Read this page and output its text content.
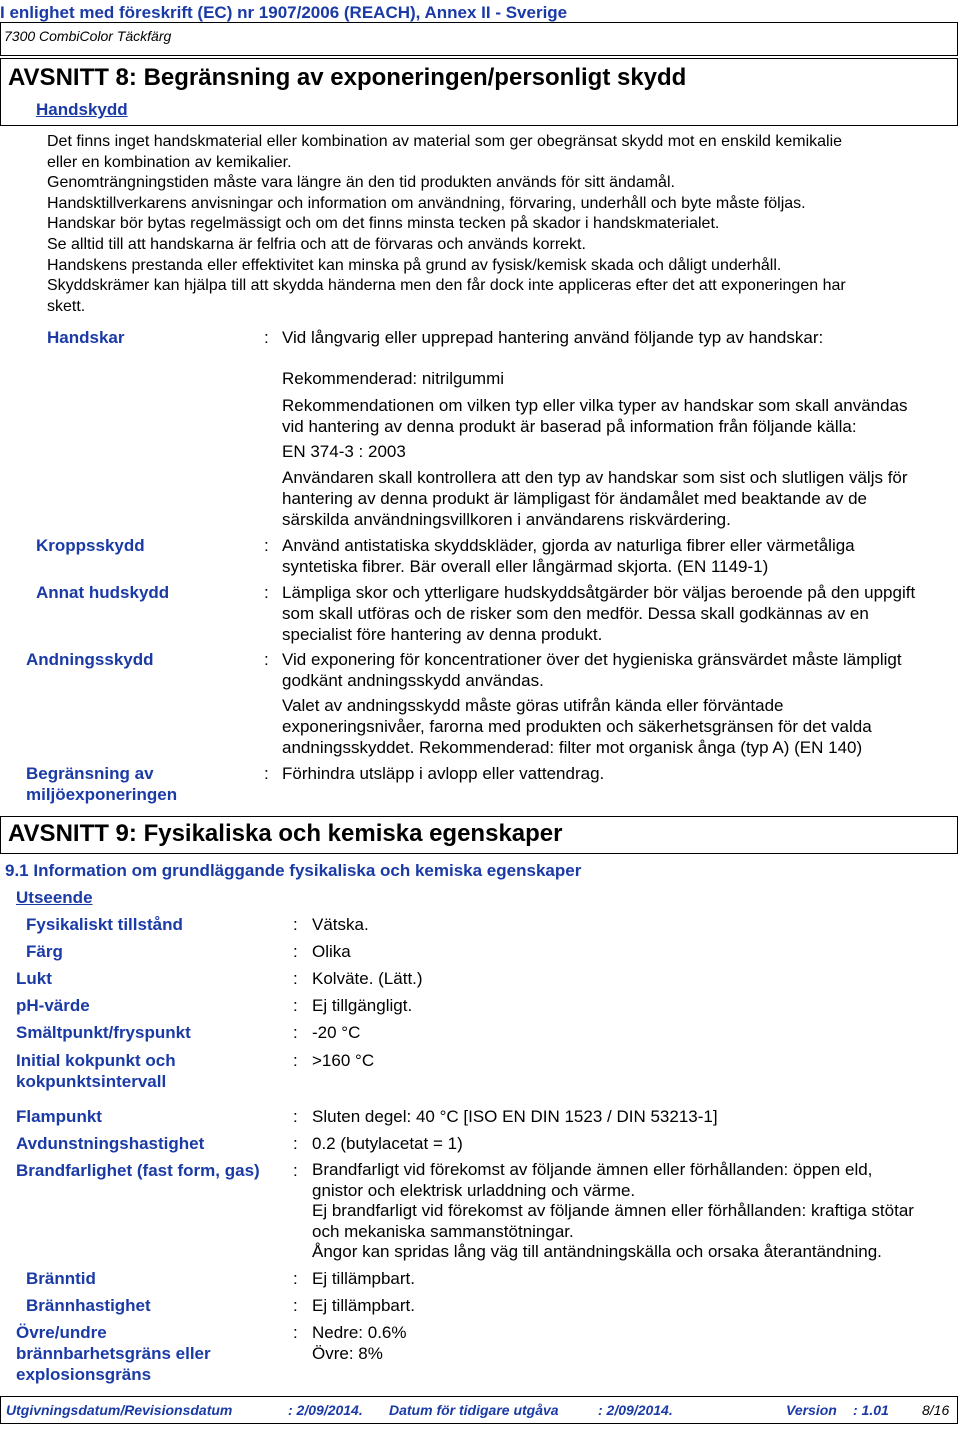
I enlighet med föreskrift (EC) nr 1907/2006 (REACH), Annex II - Sverige
7300 CombiColor Täckfärg
AVSNITT 8: Begränsning av exponeringen/personligt skydd
Handskydd
Det finns inget handskmaterial eller kombination av material som ger obegränsat skydd mot en enskild kemikalie
eller en kombination av kemikalier.
Genomträngningstiden måste vara längre än den tid produkten används för sitt ändamål.
Handsktillverkarens anvisningar och information om användning, förvaring, underhåll och byte måste följas.
Handskar bör bytas regelmässigt och om det finns minsta tecken på skador i handskmaterialet.
Se alltid till att handskarna är felfria och att de förvaras och används korrekt.
Handskens prestanda eller effektivitet kan minska på grund av fysisk/kemisk skada och dåligt underhåll.
Skyddskrämer kan hjälpa till att skydda händerna men den får dock inte appliceras efter det att exponeringen har
skett.
Handskar	: Vid långvarig eller upprepad hantering använd följande typ av handskar:
Rekommenderad: nitrilgummi
Rekommendationen om vilken typ eller vilka typer av handskar som skall användas
vid hantering av denna produkt är baserad på information från följande källa:
EN 374-3 : 2003
Användaren skall kontrollera att den typ av handskar som sist och slutligen väljs för
hantering av denna produkt är lämpligast för ändamålet med beaktande av de
särskilda användningsvillkoren i användarens riskvärdering.
Kroppsskydd	: Använd antistatiska skyddskläder, gjorda av naturliga fibrer eller värmetåliga
syntetiska fibrer. Bär overall eller långärmad skjorta. (EN 1149-1)
Annat hudskydd	: Lämpliga skor och ytterligare hudskyddsåtgärder bör väljas beroende på den uppgift
som skall utföras och de risker som den medför. Dessa skall godkännas av en
specialist före hantering av denna produkt.
Andningsskydd	: Vid exponering för koncentrationer över det hygieniska gränsvärdet måste lämpligt
godkänt andningsskydd användas.
Valet av andningsskydd måste göras utifrån kända eller förväntade
exponeringsnivåer, farorna med produkten och säkerhetsgränsen för det valda
andningsskyddet. Rekommenderad: filter mot organisk ånga (typ A) (EN 140)
Begränsning av
miljöexponeringen
: Förhindra utsläpp i avlopp eller vattendrag.
AVSNITT 9: Fysikaliska och kemiska egenskaper
9.1 Information om grundläggande fysikaliska och kemiska egenskaper
Utseende
Fysikaliskt tillstånd	: Vätska.
Färg	: Olika
Lukt	: Kolväte. (Lätt.)
pH-värde	: Ej tillgängligt.
Smältpunkt/fryspunkt	: -20 °C
Initial kokpunkt och
kokpunktsintervall
: >160 °C
Flampunkt	: Sluten degel: 40 °C [ISO EN DIN 1523 / DIN 53213-1]
Avdunstningshastighet	: 0.2 (butylacetat = 1)
Brandfarlighet (fast form, gas) : Brandfarligt vid förekomst av följande ämnen eller förhållanden: öppen eld,
gnistor och elektrisk urladdning och värme.
Ej brandfarligt vid förekomst av följande ämnen eller förhållanden: kraftiga stötar
och mekaniska sammanstötningar.
Ångor kan spridas lång väg till antändningskälla och orsaka återantändning.
Bränntid	: Ej tillämpbart.
Brännhastighet	: Ej tillämpbart.
Övre/undre
brännbarhetsgräns eller
explosionsgräns
: Nedre: 0.6%
Övre: 8%
Utgivningsdatum/Revisionsdatum	: 2/09/2014. Datum för tidigare utgåva	: 2/09/2014.	Version : 1.01 8/16
